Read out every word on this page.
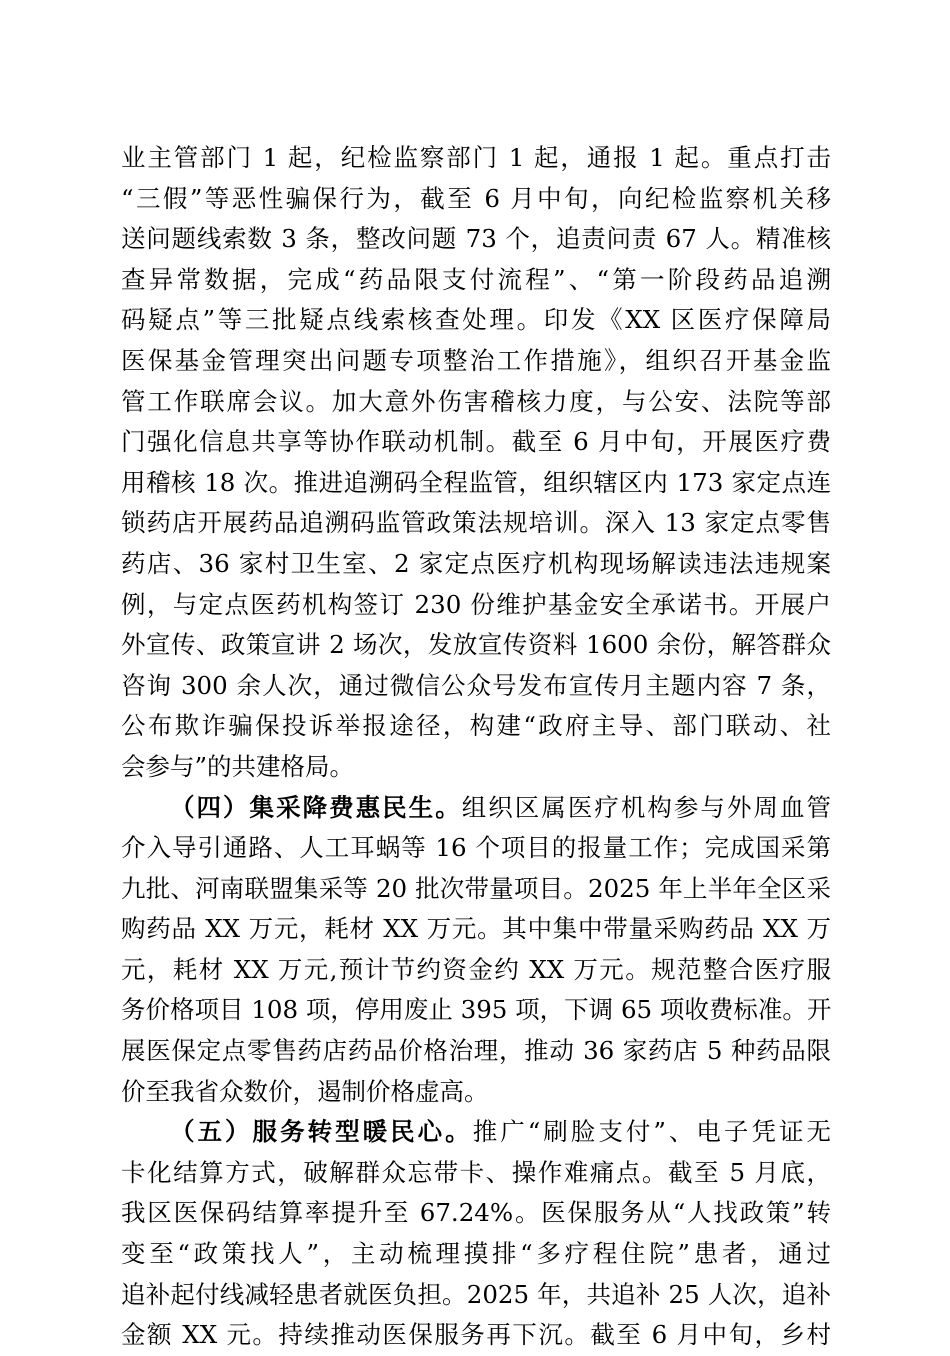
业主管部门 1 起，纪检监察部门 1 起，通报 1 起。重点打击
“三假”等恶性骗保行为，截至 6 月中旬，向纪检监察机关移
送问题线索数 3 条，整改问题 73 个，追责问责 67 人。精准核
查异常数据，完成“药品限支付流程”、“第一阶段药品追溯
码疑点”等三批疑点线索核查处理。印发《XX 区医疗保障局
医保基金管理突出问题专项整治工作措施》，组织召开基金监
管工作联席会议。加大意外伤害稽核力度，与公安、法院等部
门强化信息共享等协作联动机制。截至 6 月中旬，开展医疗费
用稽核 18 次。推进追溯码全程监管，组织辖区内 173 家定点连
锁药店开展药品追溯码监管政策法规培训。深入 13 家定点零售
药店、36 家村卫生室、2 家定点医疗机构现场解读违法违规案
例，与定点医药机构签订 230 份维护基金安全承诺书。开展户
外宣传、政策宣讲 2 场次，发放宣传资料 1600 余份，解答群众
咨询 300 余人次，通过微信公众号发布宣传月主题内容 7 条，
公布欺诈骗保投诉举报途径，构建“政府主导、部门联动、社
会参与”的共建格局。
（四）集采降费惠民生。组织区属医疗机构参与外周血管
介入导引通路、人工耳蜗等 16 个项目的报量工作；完成国采第
九批、河南联盟集采等 20 批次带量项目。2025 年上半年全区采
购药品 XX 万元，耗材 XX 万元。其中集中带量采购药品 XX 万
元，耗材 XX 万元,预计节约资金约 XX 万元。规范整合医疗服
务价格项目 108 项，停用废止 395 项，下调 65 项收费标准。开
展医保定点零售药店药品价格治理，推动 36 家药店 5 种药品限
价至我省众数价，遏制价格虚高。
（五）服务转型暖民心。推广“刷脸支付”、电子凭证无
卡化结算方式，破解群众忘带卡、操作难痛点。截至 5 月底，
我区医保码结算率提升至 67.24%。医保服务从“人找政策”转
变至“政策找人”，主动梳理摸排“多疗程住院”患者，通过
追补起付线减轻患者就医负担。2025 年，共追补 25 人次，追补
金额 XX 元。持续推动医保服务再下沉。截至 6 月中旬，乡村
